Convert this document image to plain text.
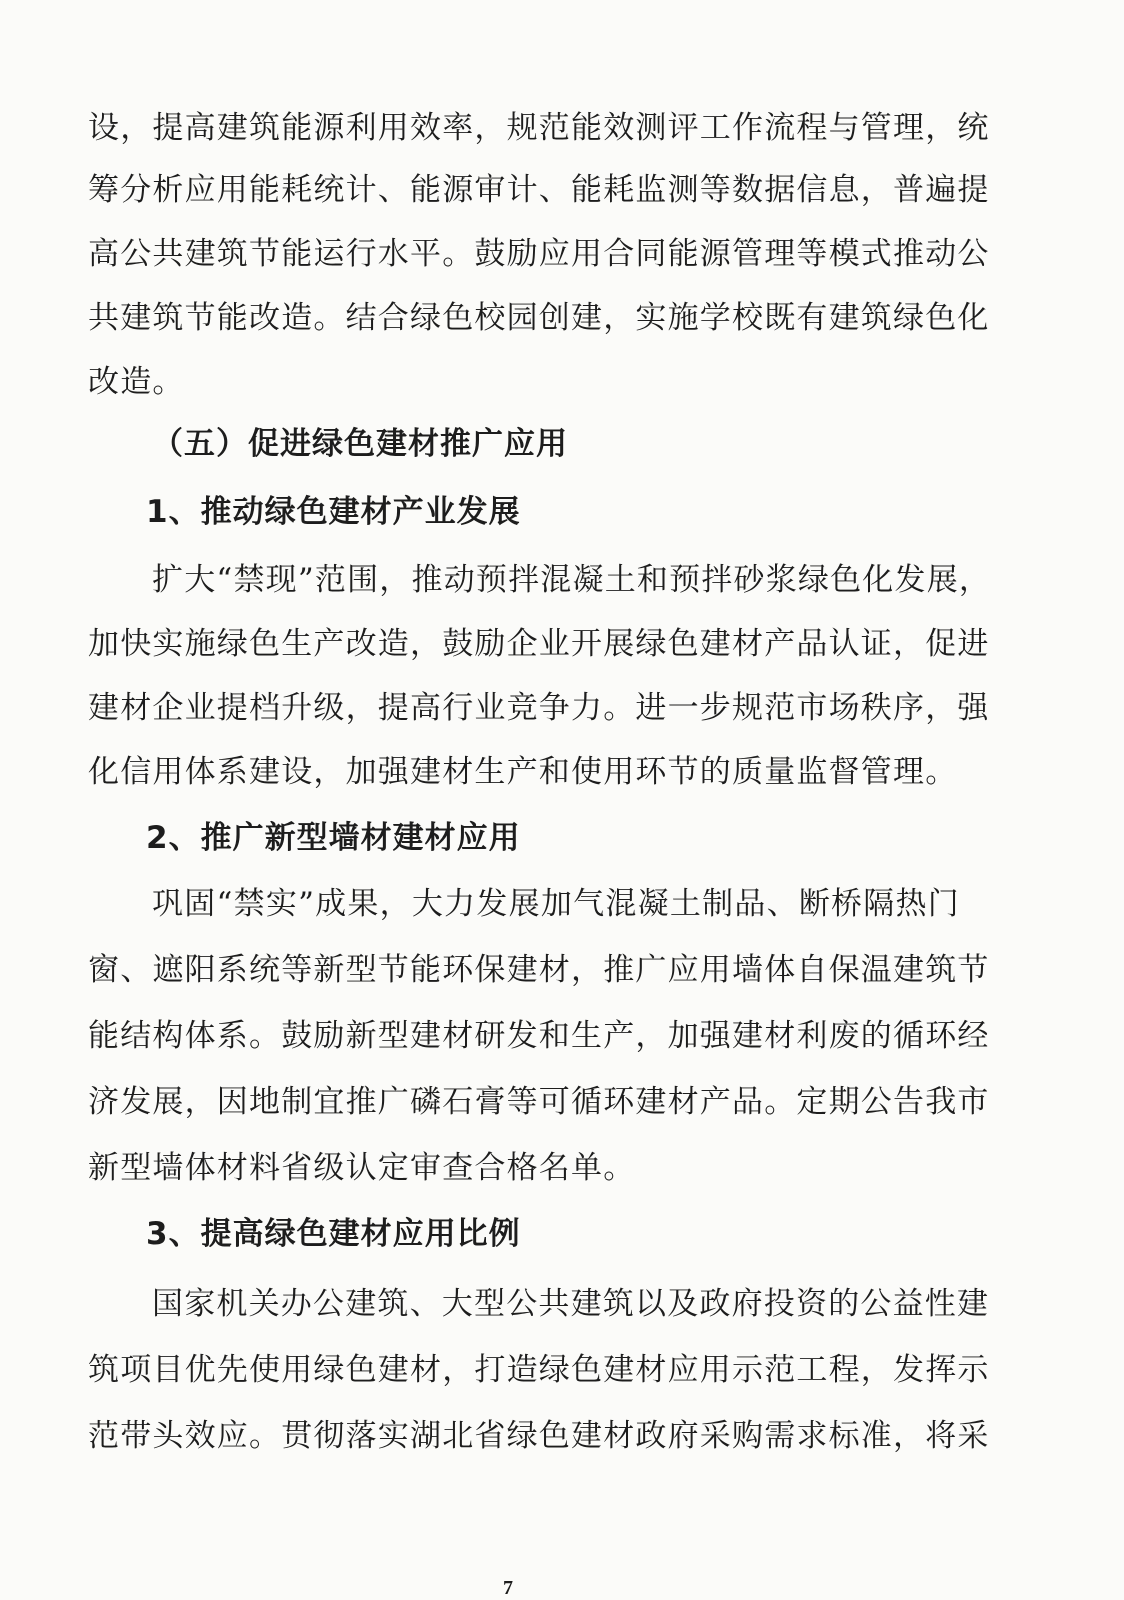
设，提高建筑能源利用效率，规范能效测评工作流程与管理，统
筹分析应用能耗统计、能源审计、能耗监测等数据信息，普遍提
高公共建筑节能运行水平。鼓励应用合同能源管理等模式推动公
共建筑节能改造。结合绿色校园创建，实施学校既有建筑绿色化
改造。
（五）促进绿色建材推广应用
1、推动绿色建材产业发展
扩大“禁现”范围，推动预拌混凝土和预拌砂浆绿色化发展，
加快实施绿色生产改造，鼓励企业开展绿色建材产品认证，促进
建材企业提档升级，提高行业竞争力。进一步规范市场秩序，强
化信用体系建设，加强建材生产和使用环节的质量监督管理。
2、推广新型墙材建材应用
巩固“禁实”成果，大力发展加气混凝土制品、断桥隔热门
窗、遮阳系统等新型节能环保建材，推广应用墙体自保温建筑节
能结构体系。鼓励新型建材研发和生产，加强建材利废的循环经
济发展，因地制宜推广磷石膏等可循环建材产品。定期公告我市
新型墙体材料省级认定审查合格名单。
3、提高绿色建材应用比例
国家机关办公建筑、大型公共建筑以及政府投资的公益性建
筑项目优先使用绿色建材，打造绿色建材应用示范工程，发挥示
范带头效应。贯彻落实湖北省绿色建材政府采购需求标准，将采
7
